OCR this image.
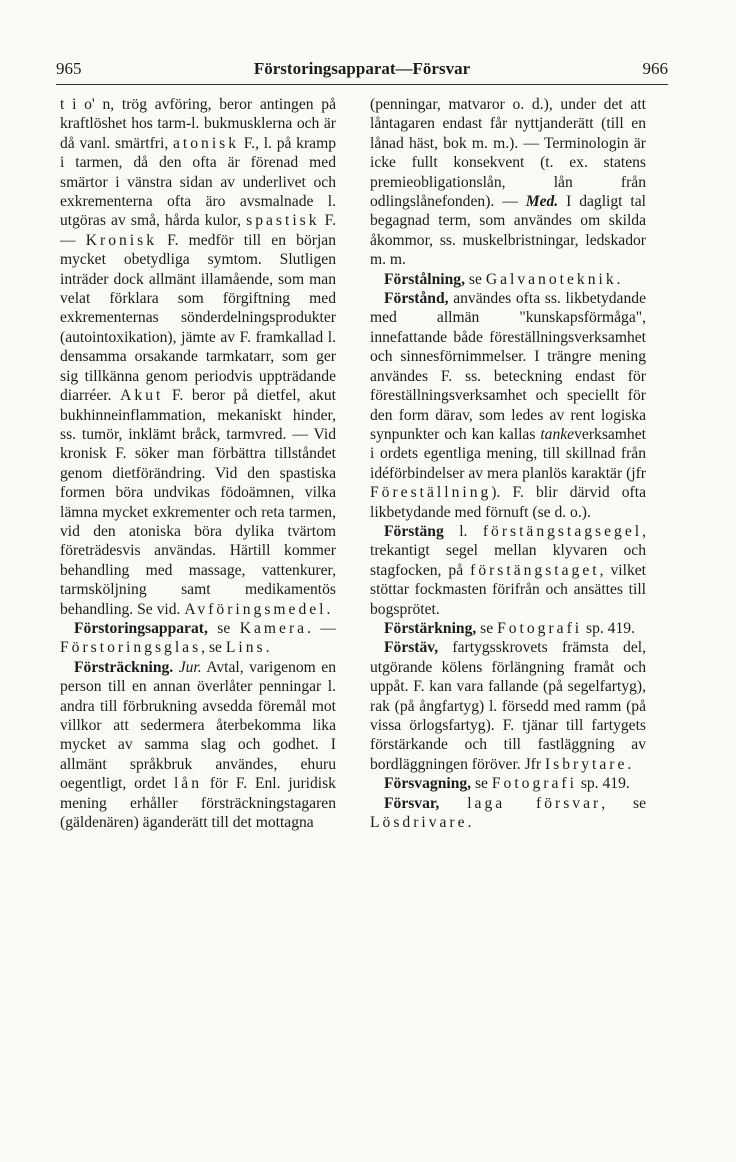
965	Förstoringsapparat—Försvar	966

t i o' n, trög avföring, beror antingen på kraftlöshet hos tarm-l. bukmusklerna och är då vanl. smärtfri, atonisk F., l. på kramp i tarmen, då den ofta är förenad med smärtor i vänstra sidan av underlivet och exkrementerna ofta äro avsmalnade l. utgöras av små, hårda kulor, spastisk F. — Kronisk F. medför till en början mycket obetydliga symtom. Slutligen inträder dock allmänt illamående, som man velat förklara som förgiftning med exkrementernas sönderdelningsprodukter (autointoxikation), jämte av F. framkallad l. densamma orsakande tarmkatarr, som ger sig tillkänna genom periodvis uppträdande diarréer. Akut F. beror på dietfel, akut bukhinneinflammation, mekaniskt hinder, ss. tumör, inklämt bråck, tarmvred. — Vid kronisk F. söker man förbättra tillståndet genom dietförändring. Vid den spastiska formen böra undvikas födoämnen, vilka lämna mycket exkrementer och reta tarmen, vid den atoniska böra dylika tvärtom företrädesvis användas. Härtill kommer behandling med massage, vattenkurer, tarmsköljning samt medikamentös behandling. Se vid. Avföringsmedel.

Förstoringsapparat, se Kamera. — Förstoringsglas, se Lins.

Försträckning. Jur. Avtal, varigenom en person till en annan överlåter penningar l. andra till förbrukning avsedda föremål mot villkor att sedermera återbekomma lika mycket av samma slag och godhet. I allmänt språkbruk användes, ehuru oegentligt, ordet lån för F. Enl. juridisk mening erhåller försträckningstagaren (gäldenären) äganderätt till det mottagna

(penningar, matvaror o. d.), under det att låntagaren endast får nyttjanderätt (till en lånad häst, bok m. m.). — Terminologin är icke fullt konsekvent (t. ex. statens premieobligationslån, lån från odlingslånefonden). — Med. I dagligt tal begagnad term, som användes om skilda åkommor, ss. muskelbristningar, ledskador m. m.

Förstålning, se Galvanoteknik.

Förstånd, användes ofta ss. likbetydande med allmän "kunskapsförmåga", innefattande både föreställningsverksamhet och sinnesförnimmelser. I trängre mening användes F. ss. beteckning endast för föreställningsverksamhet och speciellt för den form därav, som ledes av rent logiska synpunkter och kan kallas tankeverksamhet i ordets egentliga mening, till skillnad från idéförbindelser av mera planlös karaktär (jfr Föreställning). F. blir därvid ofta likbetydande med förnuft (se d. o.).

Förstäng l. förstängstagsegel, trekantigt segel mellan klyvaren och stagfocken, på förstängstaget, vilket stöttar fockmasten förifrån och ansättes till bogsprötet.

Förstärkning, se Fotografi sp. 419.

Förstäv, fartygsskrovets främsta del, utgörande kölens förlängning framåt och uppåt. F. kan vara fallande (på segelfartyg), rak (på ångfartyg) l. försedd med ramm (på vissa örlogsfartyg). F. tjänar till fartygets förstärkande och till fastläggning av bordläggningen föröver. Jfr Isbrytare.

Försvagning, se Fotografi sp. 419.

Försvar, laga försvar, se Lösdrivare.
